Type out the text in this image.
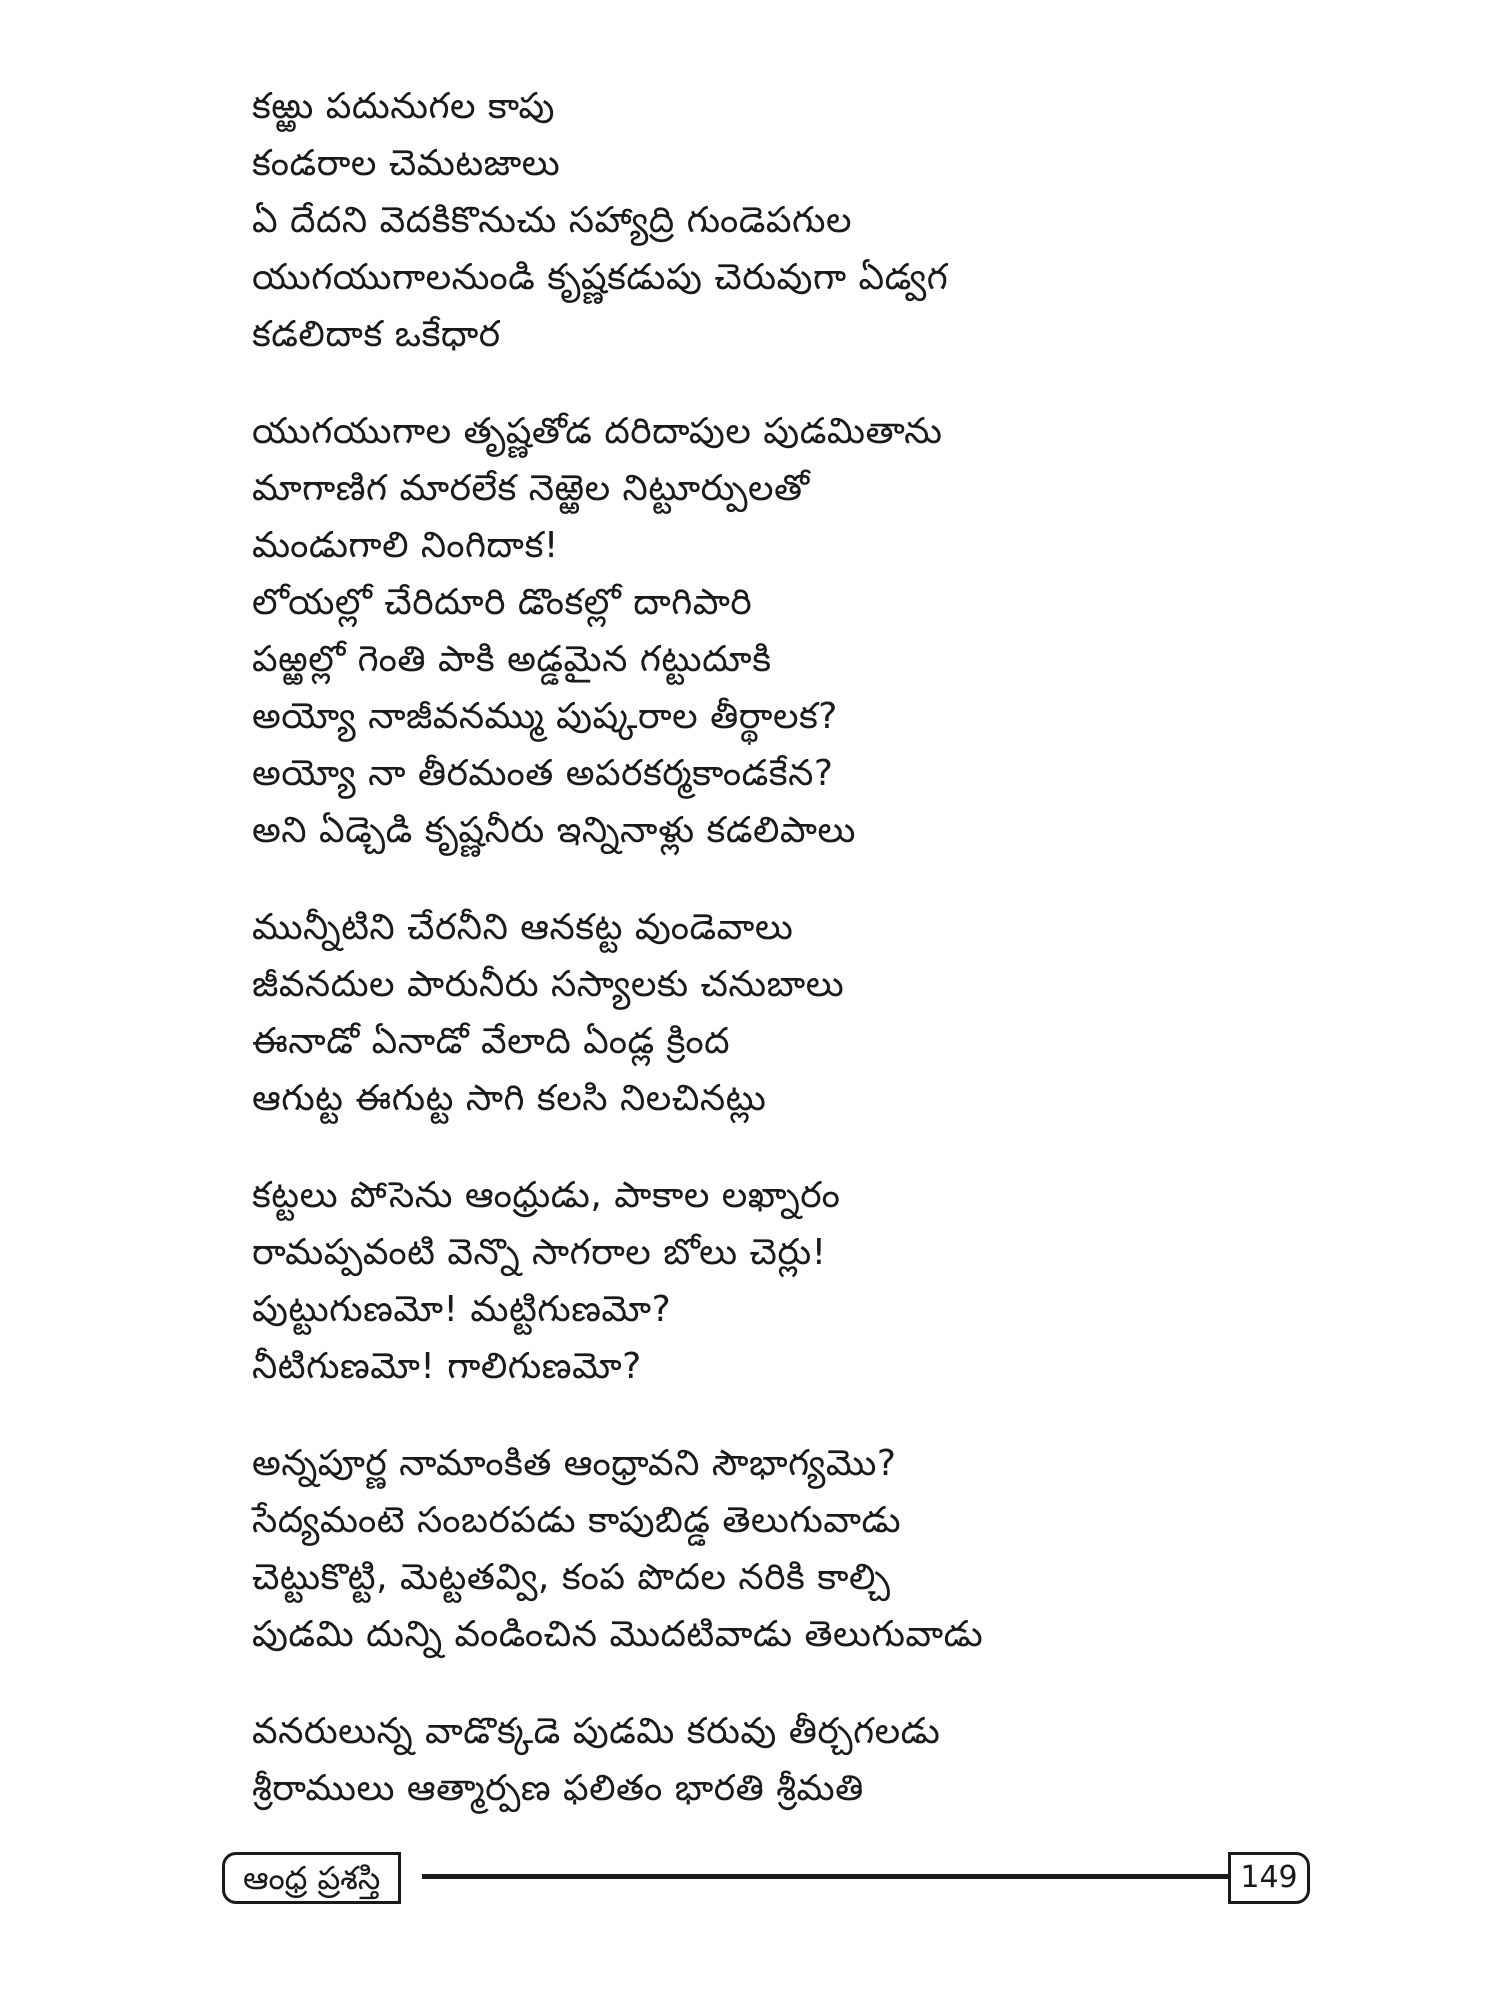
కఱ్ఱు పదునుగల కాపు
కండరాల చెమటజాలు
ఏ దేదని వెదకికొనుచు సహ్యాద్రి గుండెపగుల
యుగయుగాలనుండి కృష్ణకడుపు చెరువుగా ఏడ్వగ
కడలిదాక ఒకేధార
యుగయుగాల తృష్ణతోడ దరిదాపుల పుడమితాను
మాగాణిగ మారలేక నెఱ్ఱెల నిట్టూర్పులతో
మండుగాలి నింగిదాక!
లోయల్లో చేరిదూరి డొంకల్లో దాగిపారి
పఱ్ఱల్లో గెంతి పాకి అడ్డమైన గట్టుదూకి
అయ్యో నాజీవనమ్ము పుష్కరాల తీర్థాలక?
అయ్యో నా తీరమంత అపరకర్మకాండకేన?
అని ఏడ్చెడి కృష్ణనీరు ఇన్నినాళ్లు కడలిపాలు
మున్నీటిని చేరనీని ఆనకట్ట వుండెవాలు
జీవనదుల పారునీరు సస్యాలకు చనుబాలు
ఈనాడో ఏనాడో వేలాది ఏండ్ల క్రింద
ఆగుట్ట ఈగుట్ట సాగి కలసి నిలచినట్లు
కట్టలు పోసెను ఆంధ్రుడు, పాకాల లఖ్నారం
రామప్పవంటి వెన్నొ సాగరాల బోలు చెర్లు!
పుట్టుగుణమో! మట్టిగుణమో?
నీటిగుణమో! గాలిగుణమో?
అన్నపూర్ణ నామాంకిత ఆంధ్రావని సౌభాగ్యమొ?
సేద్యమంటె సంబరపడు కాపుబిడ్డ తెలుగువాడు
చెట్టుకొట్టి, మెట్టతవ్వి, కంప పొదల నరికి కాల్చి
పుడమి దున్ని వండించిన మొదటివాడు తెలుగువాడు
వనరులున్న వాడొక్కడె పుడమి కరువు తీర్చగలడు
శ్రీరాములు ఆత్మార్పణ ఫలితం భారతి శ్రీమతి
ఆంధ్ర ప్రశస్తి	149
